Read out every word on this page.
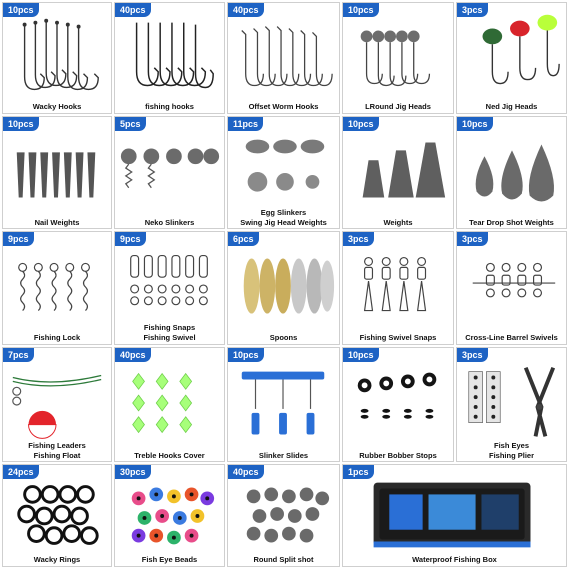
10pcs
Wacky Hooks
40pcs
fishing hooks
40pcs
Offset Worm Hooks
10pcs
LRound Jig Heads
3pcs
Ned Jig Heads
10pcs
Nail Weights
5pcs
Neko Slinkers
11pcs
Egg Slinkers
Swing Jig Head Weights
10pcs
Weights
10pcs
Tear Drop Shot Weights
9pcs
Fishing Lock
9pcs
Fishing Snaps
Fishing Swivel
6pcs
Spoons
3pcs
Fishing Swivel Snaps
3pcs
Cross-Line Barrel Swivels
7pcs
Fishing Leaders
Fishing Float
40pcs
Treble Hooks Cover
10pcs
Slinker Slides
10pcs
Rubber Bobber Stops
3pcs
Fish Eyes
Fishing Plier
24pcs
Wacky Rings
30pcs
Fish Eye Beads
40pcs
Round Split shot
1pcs
Waterproof Fishing Box
